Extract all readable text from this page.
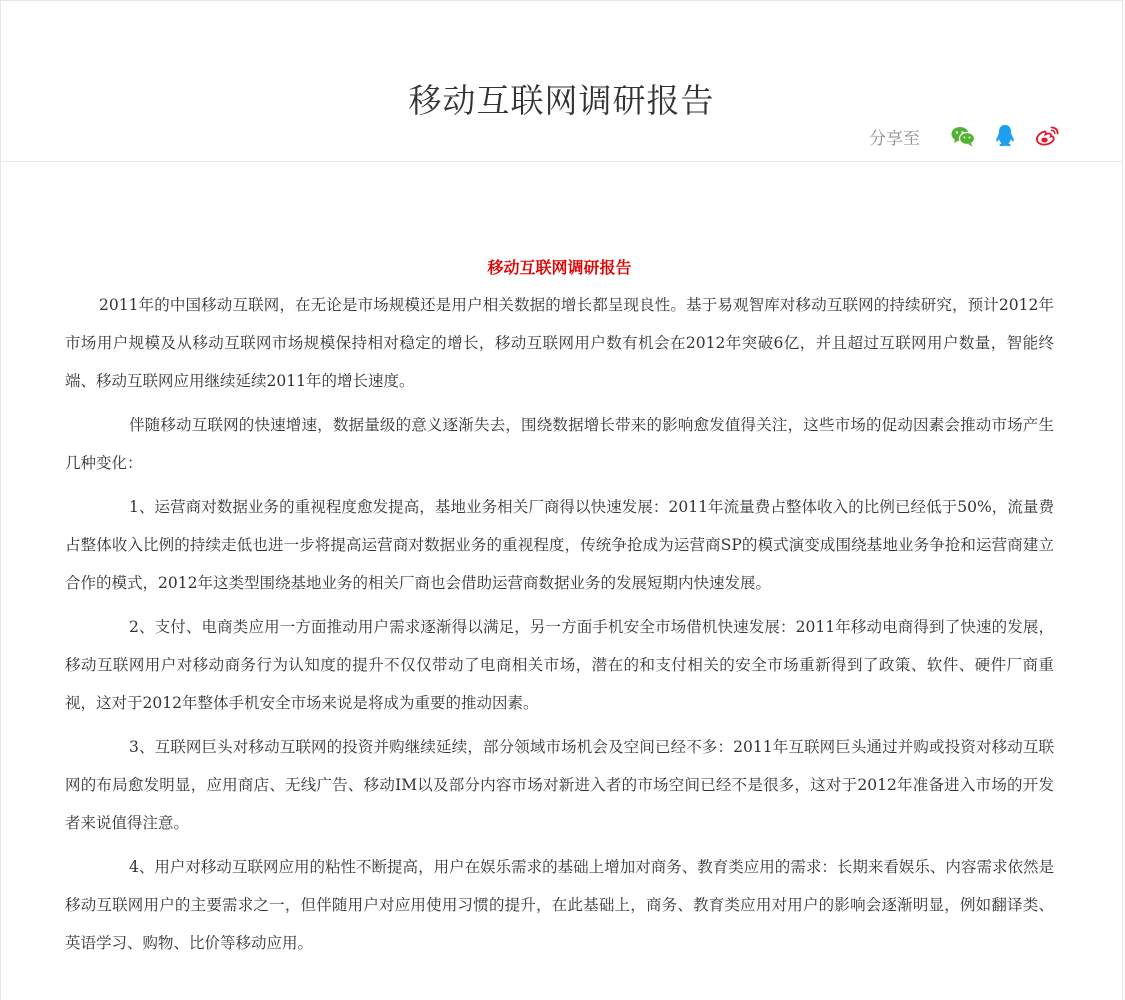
移动互联网调研报告
分享至
移动互联网调研报告

2011年的中国移动互联网，在无论是市场规模还是用户相关数据的增长都呈现良性。基于易观智库对移动互联网的持续研究，预计2012年市场用户规模及从移动互联网市场规模保持相对稳定的增长，移动互联网用户数有机会在2012年突破6亿，并且超过互联网用户数量，智能终端、移动互联网应用继续延续2011年的增长速度。

伴随移动互联网的快速增速，数据量级的意义逐渐失去，围绕数据增长带来的影响愈发值得关注，这些市场的促动因素会推动市场产生几种变化：

1、运营商对数据业务的重视程度愈发提高，基地业务相关厂商得以快速发展：2011年流量费占整体收入的比例已经低于50%，流量费占整体收入比例的持续走低也进一步将提高运营商对数据业务的重视程度，传统争抢成为运营商SP的模式演变成围绕基地业务争抢和运营商建立合作的模式，2012年这类型围绕基地业务的相关厂商也会借助运营商数据业务的发展短期内快速发展。

2、支付、电商类应用一方面推动用户需求逐渐得以满足，另一方面手机安全市场借机快速发展：2011年移动电商得到了快速的发展，移动互联网用户对移动商务行为认知度的提升不仅仅带动了电商相关市场，潜在的和支付相关的安全市场重新得到了政策、软件、硬件厂商重视，这对于2012年整体手机安全市场来说是将成为重要的推动因素。

3、互联网巨头对移动互联网的投资并购继续延续，部分领域市场机会及空间已经不多：2011年互联网巨头通过并购或投资对移动互联网的布局愈发明显，应用商店、无线广告、移动IM以及部分内容市场对新进入者的市场空间已经不是很多，这对于2012年准备进入市场的开发者来说值得注意。

4、用户对移动互联网应用的粘性不断提高，用户在娱乐需求的基础上增加对商务、教育类应用的需求：长期来看娱乐、内容需求依然是移动互联网用户的主要需求之一，但伴随用户对应用使用习惯的提升，在此基础上，商务、教育类应用对用户的影响会逐渐明显，例如翻译类、英语学习、购物、比价等移动应用。
